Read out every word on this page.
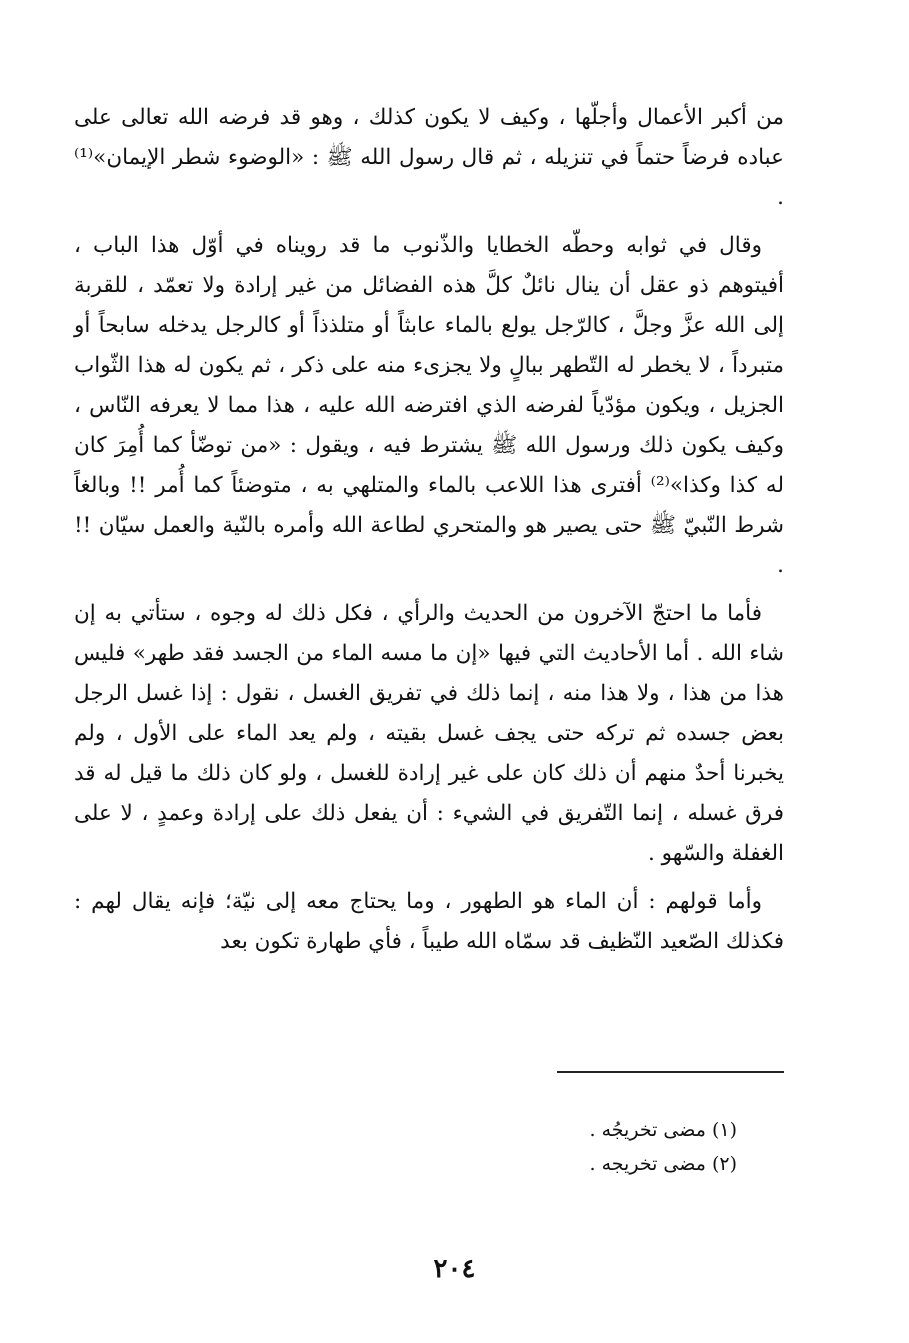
من أكبر الأعمال وأجلّها ، وكيف لا يكون كذلك ، وهو قد فرضه الله تعالى على عباده فرضاً حتماً في تنزيله ، ثم قال رسول الله ﷺ : «الوضوء شطر الإيمان»⁽¹⁾ .

وقال في ثوابه وحطّه الخطايا والذّنوب ما قد رويناه في أوّل هذا الباب ، أفيتوهم ذو عقل أن ينال نائلٌ كلَّ هذه الفضائل من غير إرادة ولا تعمّد ، للقربة إلى الله عزَّ وجلَّ ، كالرّجل يولع بالماء عابثاً أو متلذذاً أو كالرجل يدخله سابحاً أو متبرداً ، لا يخطر له التّطهر ببالٍ ولا يجزىء منه على ذكر ، ثم يكون له هذا الثّواب الجزيل ، ويكون مؤدّياً لفرضه الذي افترضه الله عليه ، هذا مما لا يعرفه النّاس ، وكيف يكون ذلك ورسول الله ﷺ يشترط فيه ، ويقول : «من توضّأ كما أُمِرَ كان له كذا وكذا»⁽²⁾ أفترى هذا اللاعب بالماء والمتلهي به ، متوضئاً كما أُمر !! وبالغاً شرط النّبيّ ﷺ حتى يصير هو والمتحري لطاعة الله وأمره بالنّية والعمل سيّان !! .

فأما ما احتجّ الآخرون من الحديث والرأي ، فكل ذلك له وجوه ، ستأتي به إن شاء الله . أما الأحاديث التي فيها «إن ما مسه الماء من الجسد فقد طهر» فليس هذا من هذا ، ولا هذا منه ، إنما ذلك في تفريق الغسل ، نقول : إذا غسل الرجل بعض جسده ثم تركه حتى يجف غسل بقيته ، ولم يعد الماء على الأول ، ولم يخبرنا أحدٌ منهم أن ذلك كان على غير إرادة للغسل ، ولو كان ذلك ما قيل له قد فرق غسله ، إنما التّفريق في الشيء : أن يفعل ذلك على إرادة وعمدٍ ، لا على الغفلة والسّهو .

وأما قولهم : أن الماء هو الطهور ، وما يحتاج معه إلى نيّة؛ فإنه يقال لهم : فكذلك الصّعيد النّظيف قد سمّاه الله طيباً ، فأي طهارة تكون بعد

(١) مضى تخريجُه .

(٢) مضى تخريجه .

٢٠٤
